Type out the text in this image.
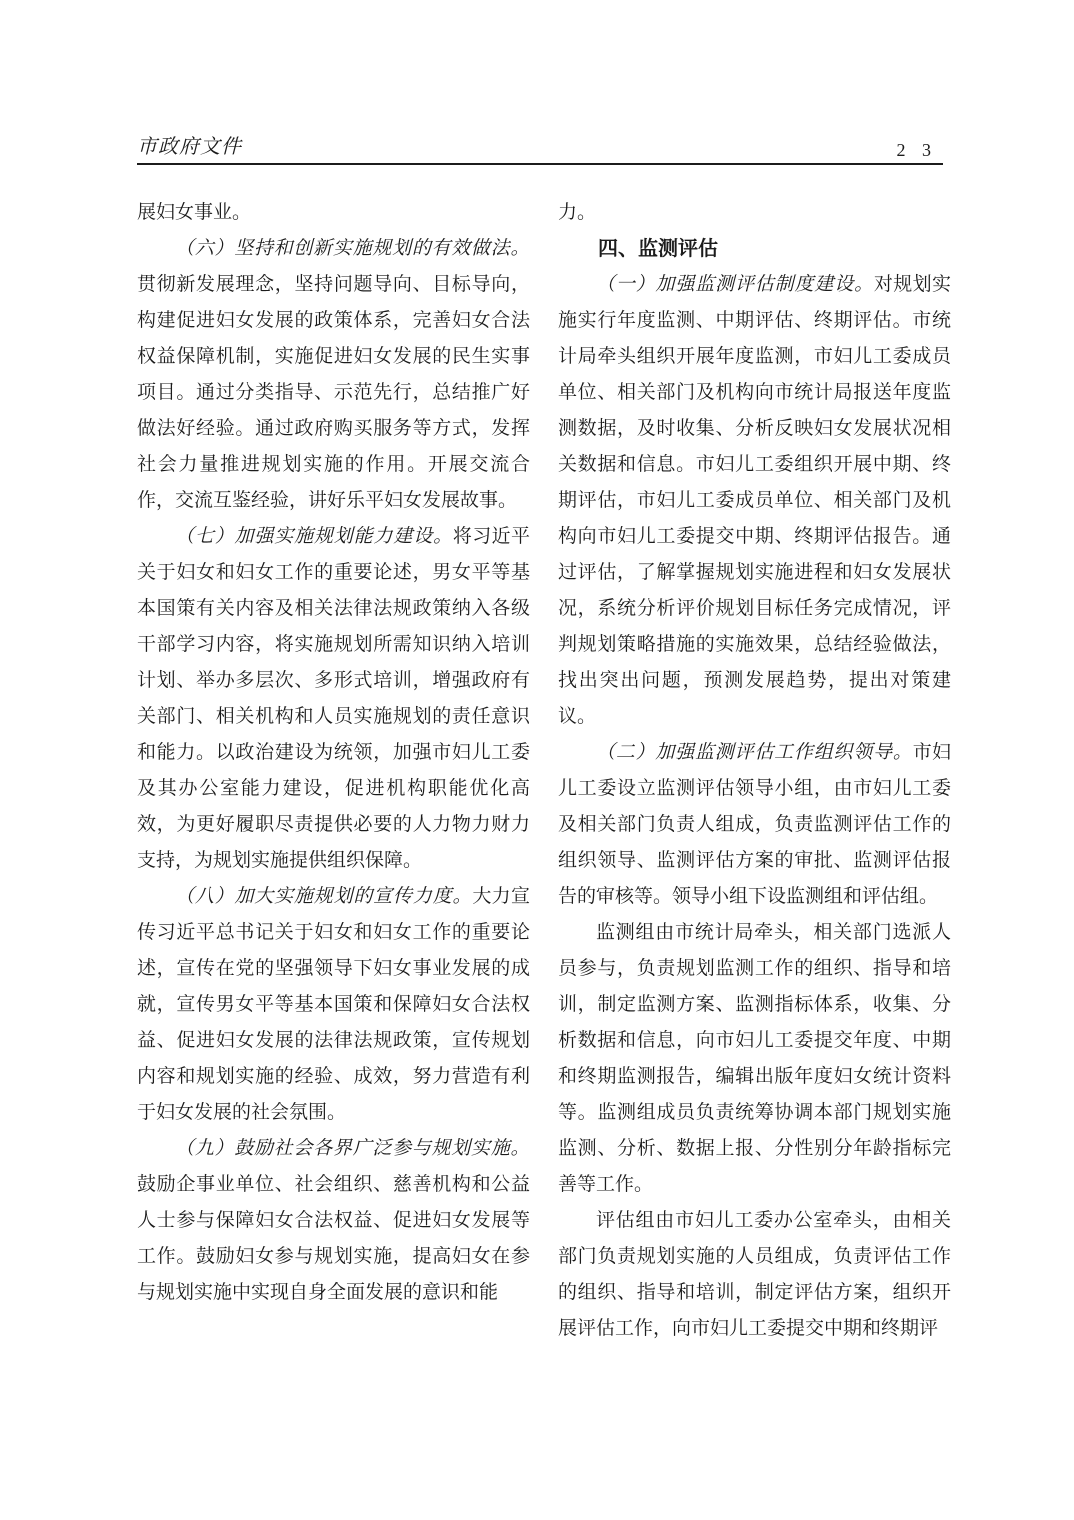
市政府文件	2 3

展妇女事业。

（六）坚持和创新实施规划的有效做法。贯彻新发展理念，坚持问题导向、目标导向，构建促进妇女发展的政策体系，完善妇女合法权益保障机制，实施促进妇女发展的民生实事项目。通过分类指导、示范先行，总结推广好做法好经验。通过政府购买服务等方式，发挥社会力量推进规划实施的作用。开展交流合作，交流互鉴经验，讲好乐平妇女发展故事。

（七）加强实施规划能力建设。将习近平关于妇女和妇女工作的重要论述，男女平等基本国策有关内容及相关法律法规政策纳入各级干部学习内容，将实施规划所需知识纳入培训计划、举办多层次、多形式培训，增强政府有关部门、相关机构和人员实施规划的责任意识和能力。以政治建设为统领，加强市妇儿工委及其办公室能力建设，促进机构职能优化高效，为更好履职尽责提供必要的人力物力财力支持，为规划实施提供组织保障。

（八）加大实施规划的宣传力度。大力宣传习近平总书记关于妇女和妇女工作的重要论述，宣传在党的坚强领导下妇女事业发展的成就，宣传男女平等基本国策和保障妇女合法权益、促进妇女发展的法律法规政策，宣传规划内容和规划实施的经验、成效，努力营造有利于妇女发展的社会氛围。

（九）鼓励社会各界广泛参与规划实施。鼓励企事业单位、社会组织、慈善机构和公益人士参与保障妇女合法权益、促进妇女发展等工作。鼓励妇女参与规划实施，提高妇女在参与规划实施中实现自身全面发展的意识和能

力。

四、监测评估

（一）加强监测评估制度建设。对规划实施实行年度监测、中期评估、终期评估。市统计局牵头组织开展年度监测，市妇儿工委成员单位、相关部门及机构向市统计局报送年度监测数据，及时收集、分析反映妇女发展状况相关数据和信息。市妇儿工委组织开展中期、终期评估，市妇儿工委成员单位、相关部门及机构向市妇儿工委提交中期、终期评估报告。通过评估，了解掌握规划实施进程和妇女发展状况，系统分析评价规划目标任务完成情况，评判规划策略措施的实施效果，总结经验做法，找出突出问题，预测发展趋势，提出对策建议。

（二）加强监测评估工作组织领导。市妇儿工委设立监测评估领导小组，由市妇儿工委及相关部门负责人组成，负责监测评估工作的组织领导、监测评估方案的审批、监测评估报告的审核等。领导小组下设监测组和评估组。

监测组由市统计局牵头，相关部门选派人员参与，负责规划监测工作的组织、指导和培训，制定监测方案、监测指标体系，收集、分析数据和信息，向市妇儿工委提交年度、中期和终期监测报告，编辑出版年度妇女统计资料等。监测组成员负责统筹协调本部门规划实施监测、分析、数据上报、分性别分年龄指标完善等工作。

评估组由市妇儿工委办公室牵头，由相关部门负责规划实施的人员组成，负责评估工作的组织、指导和培训，制定评估方案，组织开展评估工作，向市妇儿工委提交中期和终期评
